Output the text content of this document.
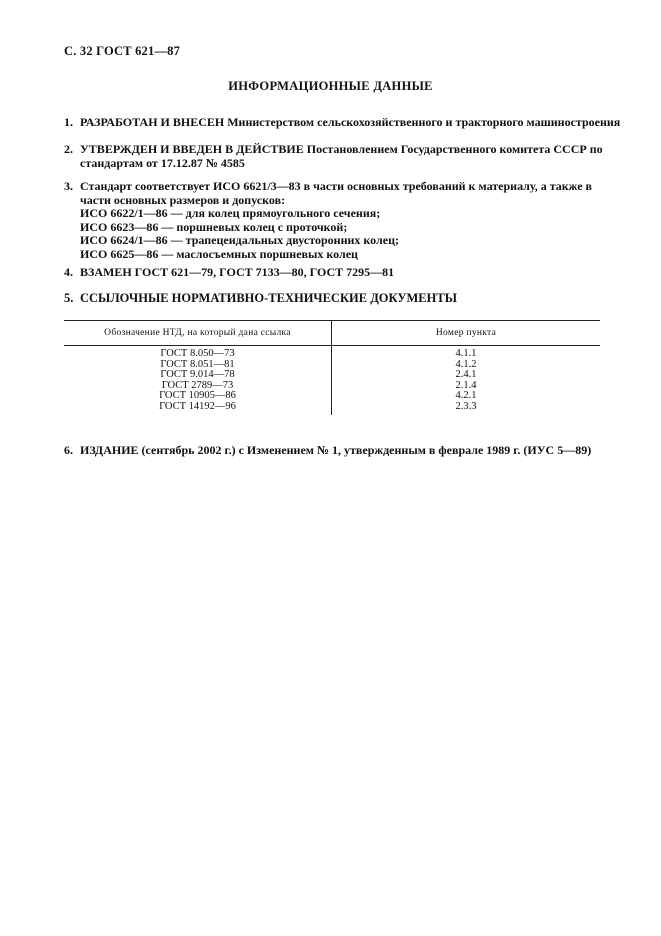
С. 32 ГОСТ 621—87
ИНФОРМАЦИОННЫЕ ДАННЫЕ
1. РАЗРАБОТАН И ВНЕСЕН Министерством сельскохозяйственного и тракторного машиностроения
2. УТВЕРЖДЕН И ВВЕДЕН В ДЕЙСТВИЕ Постановлением Государственного комитета СССР по
стандартам от 17.12.87 № 4585
3. Стандарт соответствует ИСО 6621/3—83 в части основных требований к материалу, а также в
части основных размеров и допусков:
ИСО 6622/1—86 — для колец прямоугольного сечения;
ИСО 6623—86 — поршневых колец с проточкой;
ИСО 6624/1—86 — трапецеидальных двусторонних колец;
ИСО 6625—86 — маслосъемных поршневых колец
4. ВЗАМЕН ГОСТ 621—79, ГОСТ 7133—80, ГОСТ 7295—81
5. ССЫЛОЧНЫЕ НОРМАТИВНО-ТЕХНИЧЕСКИЕ ДОКУМЕНТЫ
Обозначение НТД, на который дана ссылка	Номер пункта
ГОСТ 8.050—73	4.1.1
ГОСТ 8.051—81	4.1.2
ГОСТ 9.014—78	2.4.1
ГОСТ 2789—73	2.1.4
ГОСТ 10905—86	4.2.1
ГОСТ 14192—96	2.3.3
6. ИЗДАНИЕ (сентябрь 2002 г.) с Изменением № 1, утвержденным в феврале 1989 г. (ИУС 5—89)
